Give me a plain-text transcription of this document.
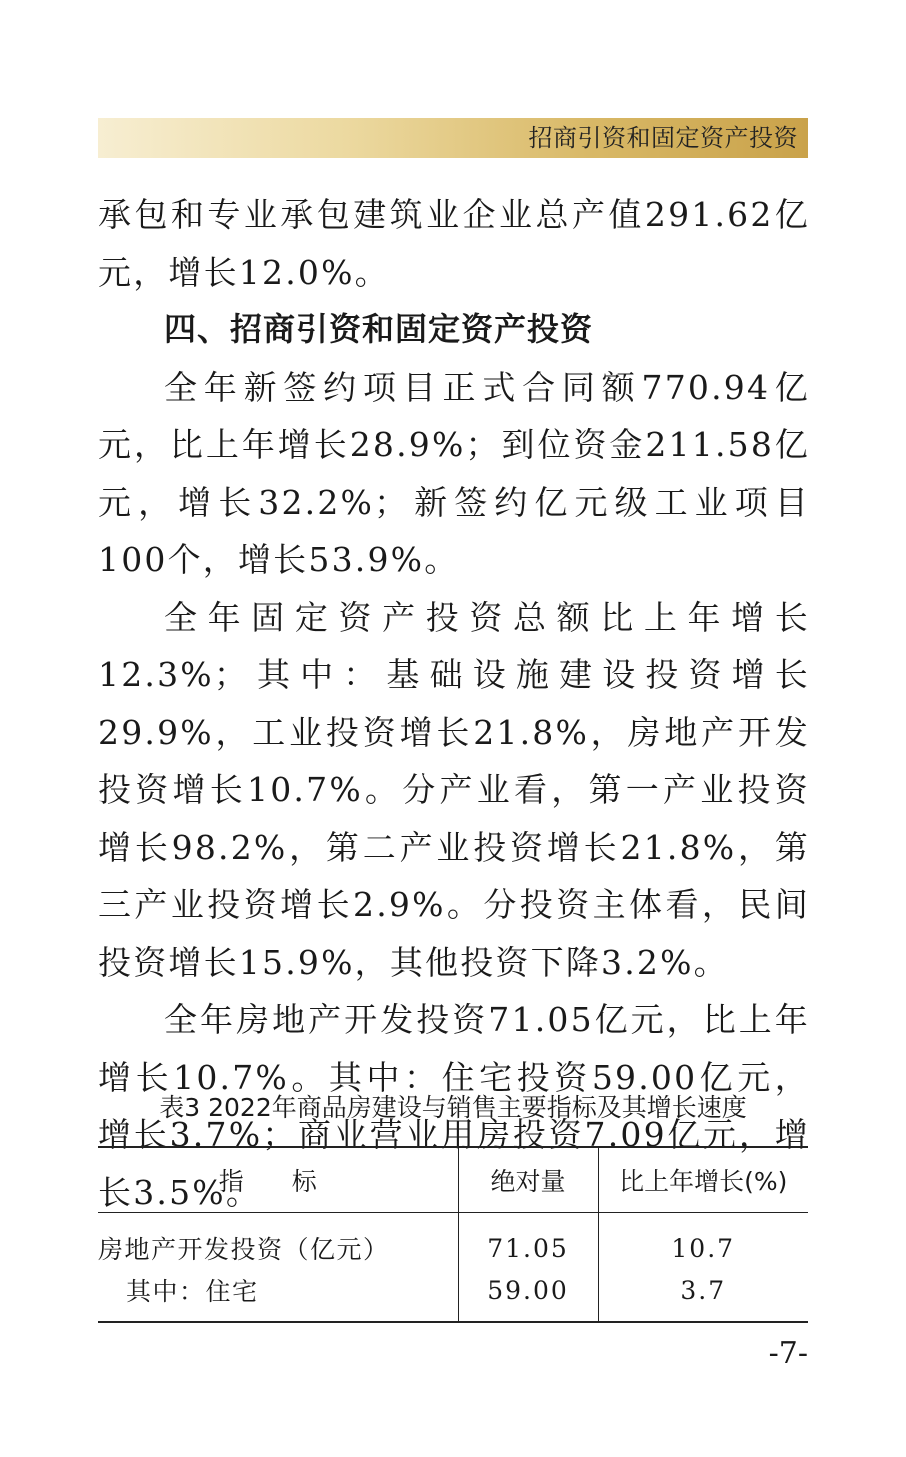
招商引资和固定资产投资

承包和专业承包建筑业企业总产值291.62亿元，增长12.0%。

四、招商引资和固定资产投资

全年新签约项目正式合同额770.94亿元，比上年增长28.9%；到位资金211.58亿元，增长32.2%；新签约亿元级工业项目100个，增长53.9%。

全年固定资产投资总额比上年增长12.3%；其中：基础设施建设投资增长29.9%，工业投资增长21.8%，房地产开发投资增长10.7%。分产业看，第一产业投资增长98.2%，第二产业投资增长21.8%，第三产业投资增长2.9%。分投资主体看，民间投资增长15.9%，其他投资下降3.2%。

全年房地产开发投资71.05亿元，比上年增长10.7%。其中：住宅投资59.00亿元，增长3.7%；商业营业用房投资7.09亿元，增长3.5%。

表3 2022年商品房建设与销售主要指标及其增长速度
指 标	绝对量	比上年增长(%)
房地产开发投资（亿元）	71.05	10.7
其中：住宅	59.00	3.7
-7-
